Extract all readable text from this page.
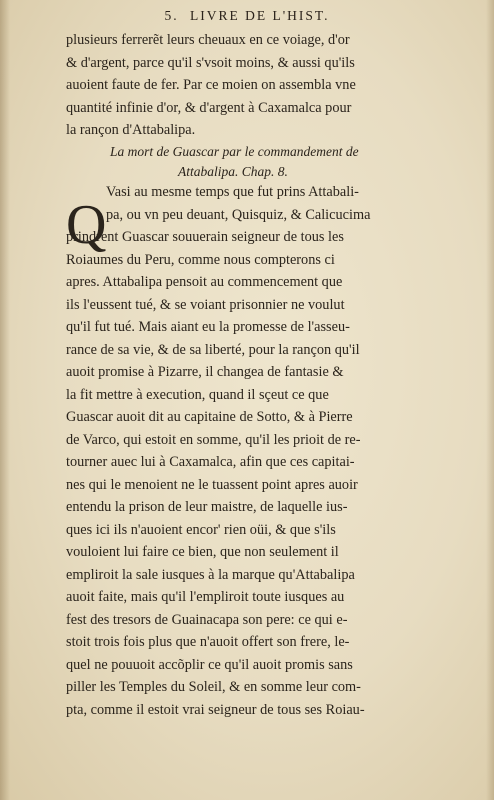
5. LIVRE DE L'HIST.
plusieurs ferrerẽt leurs cheuaux en ce voiage, d'or
& d'argent, parce qu'il s'vsoit moins, & aussi qu'ils
auoient faute de fer. Par ce moien on assembla vne
quantité infinie d'or, & d'argent à Caxamalca pour
la rançon d'Attabalipa.
La mort de Guascar par le commandement de
Attabalipa. Chap. 8.
Q
Vasi au mesme temps que fut prins Attabali-
pa, ou vn peu deuant, Quisquiz, & Calicucima
prindrent Guascar souuerain seigneur de tous les
Roiaumes du Peru, comme nous compterons ci
apres. Attabalipa pensoit au commencement que
ils l'eussent tué, & se voiant prisonnier ne voulut
qu'il fut tué. Mais aiant eu la promesse de l'asseu-
rance de sa vie, & de sa liberté, pour la rançon qu'il
auoit promise à Pizarre, il changea de fantasie &
la fit mettre à execution, quand il sçeut ce que
Guascar auoit dit au capitaine de Sotto, & à Pierre
de Varco, qui estoit en somme, qu'il les prioit de re-
tourner auec lui à Caxamalca, afin que ces capitai-
nes qui le menoient ne le tuassent point apres auoir
entendu la prison de leur maistre, de laquelle ius-
ques ici ils n'auoient encor' rien oüi, & que s'ils
vouloient lui faire ce bien, que non seulement il
empliroit la sale iusques à la marque qu'Attabalipa
auoit faite, mais qu'il l'empliroit toute iusques au
fest des tresors de Guainacapa son pere: ce qui e-
stoit trois fois plus que n'auoit offert son frere, le-
quel ne pouuoit accõplir ce qu'il auoit promis sans
piller les Temples du Soleil, & en somme leur com-
pta, comme il estoit vrai seigneur de tous ses Roiau-
